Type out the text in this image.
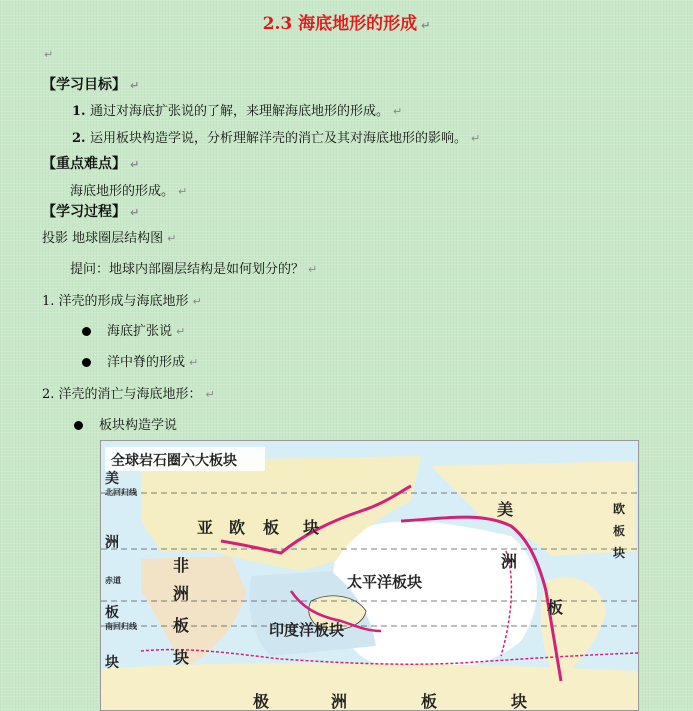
2.3 海底地形的形成 ↵
↵
【学习目标】 ↵
1. 通过对海底扩张说的了解，来理解海底地形的形成。 ↵
2. 运用板块构造学说，分析理解洋壳的消亡及其对海底地形的影响。 ↵
【重点难点】 ↵
海底地形的形成。 ↵
【学习过程】 ↵
投影 地球圈层结构图 ↵
提问：地球内部圈层结构是如何划分的？ ↵
1. 洋壳的形成与海底地形 ↵
海底扩张说 ↵
洋中脊的形成 ↵
2. 洋壳的消亡与海底地形： ↵
板块构造学说
全球岩石圈六大板块
亚 欧 板 块
太平洋板块
印度洋板块
非
洲
板
块
美
洲
板
美
北回归线
洲
赤道
板
南回归线
块
欧
板
块
极	洲	板	块
